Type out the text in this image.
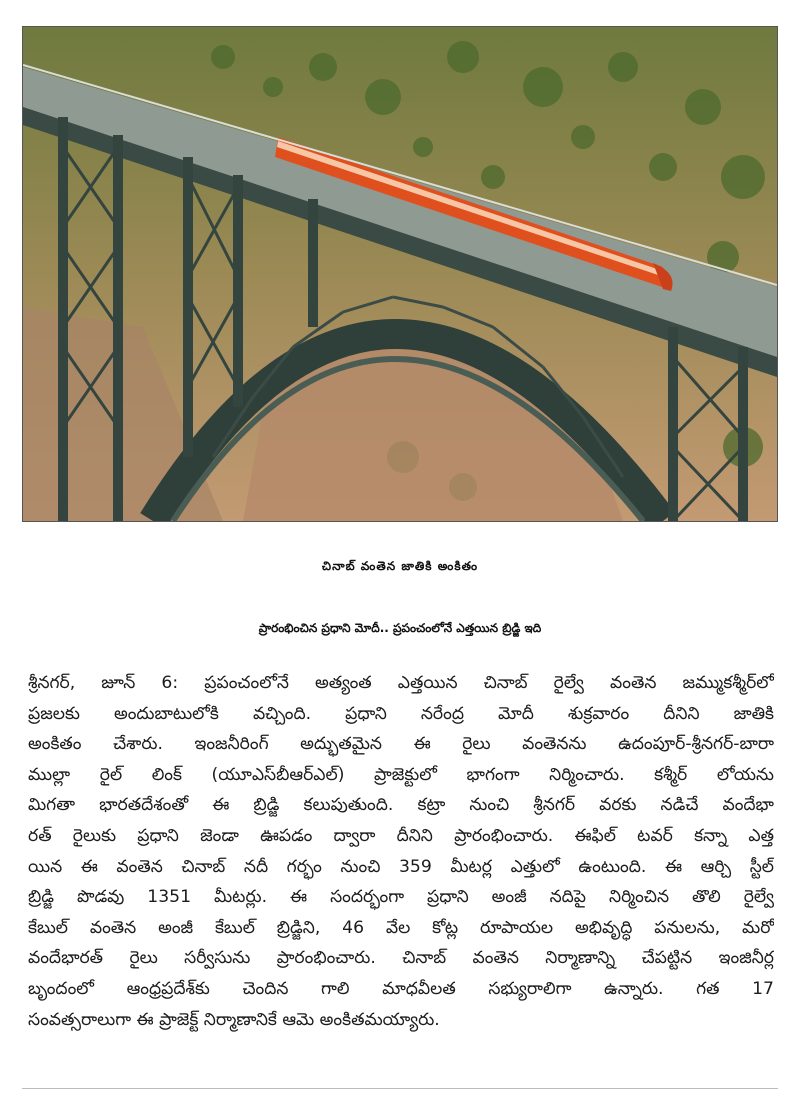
చినాబ్ వంతెన జాతికి అంకితం
ప్రారంభించిన ప్రధాని మోదీ.. ప్రపంచంలోనే ఎత్తయిన బ్రిడ్జి ఇది
శ్రీనగర్, జూన్ 6: ప్రపంచంలోనే అత్యంత ఎత్తయిన చినాబ్ రైల్వే వంతెన జమ్ముకశ్మీర్‌లో
ప్రజలకు అందుబాటులోకి వచ్చింది. ప్రధాని నరేంద్ర మోదీ శుక్రవారం దీనిని జాతికి
అంకితం చేశారు. ఇంజనీరింగ్ అద్భుతమైన ఈ రైలు వంతెనను ఉదంపూర్-శ్రీనగర్-బారా
ముల్లా రైల్ లింక్ (యూఎస్‌బీఆర్‌ఎల్) ప్రాజెక్టులో భాగంగా నిర్మించారు. కశ్మీర్ లోయను
మిగతా భారతదేశంతో ఈ బ్రిడ్జి కలుపుతుంది. కట్రా నుంచి శ్రీనగర్ వరకు నడిచే వందేభా
రత్ రైలుకు ప్రధాని జెండా ఊపడం ద్వారా దీనిని ప్రారంభించారు. ఈఫిల్ టవర్ కన్నా ఎత్త
యిన ఈ వంతెన చినాబ్ నదీ గర్భం నుంచి 359 మీటర్ల ఎత్తులో ఉంటుంది. ఈ ఆర్చి స్టీల్
బ్రిడ్జి పొడవు 1351 మీటర్లు. ఈ సందర్భంగా ప్రధాని అంజీ నదిపై నిర్మించిన తొలి రైల్వే
కేబుల్ వంతెన అంజీ కేబుల్ బ్రిడ్జిని, 46 వేల కోట్ల రూపాయల అభివృద్ధి పనులను, మరో
వందేభారత్ రైలు సర్వీసును ప్రారంభించారు. చినాబ్ వంతెన నిర్మాణాన్ని చేపట్టిన ఇంజినీర్ల
బృందంలో ఆంధ్రప్రదేశ్‌కు చెందిన గాలి మాధవీలత సభ్యురాలిగా ఉన్నారు. గత 17
సంవత్సరాలుగా ఈ ప్రాజెక్ట్ నిర్మాణానికే ఆమె అంకితమయ్యారు.
